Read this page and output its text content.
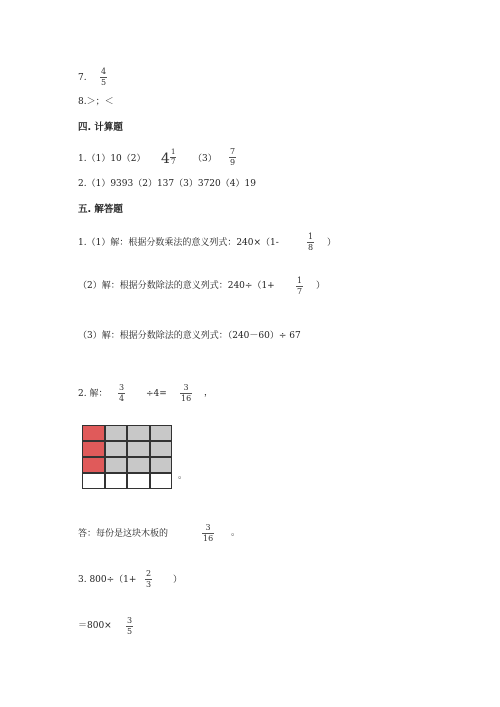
7.
4
5
8.＞；＜
四. 计算题
1.（1）10（2） 4 1
7 （3）
7
9
2.（1）9393（2）137（3）3720（4）19
五. 解答题
1.（1）解：根据分数乘法的意义列式：240×（1-
1
8 ）
（2）解：根据分数除法的意义列式：240÷（1+
1
7
）
（3）解：根据分数除法的意义列式：（240－60）÷ 67
2. 解：
3
4 ÷4=
3
16
，
。
答：每份是这块木板的
3
16
。
3. 800÷（1+
2
3 ）
＝800×
3
5
